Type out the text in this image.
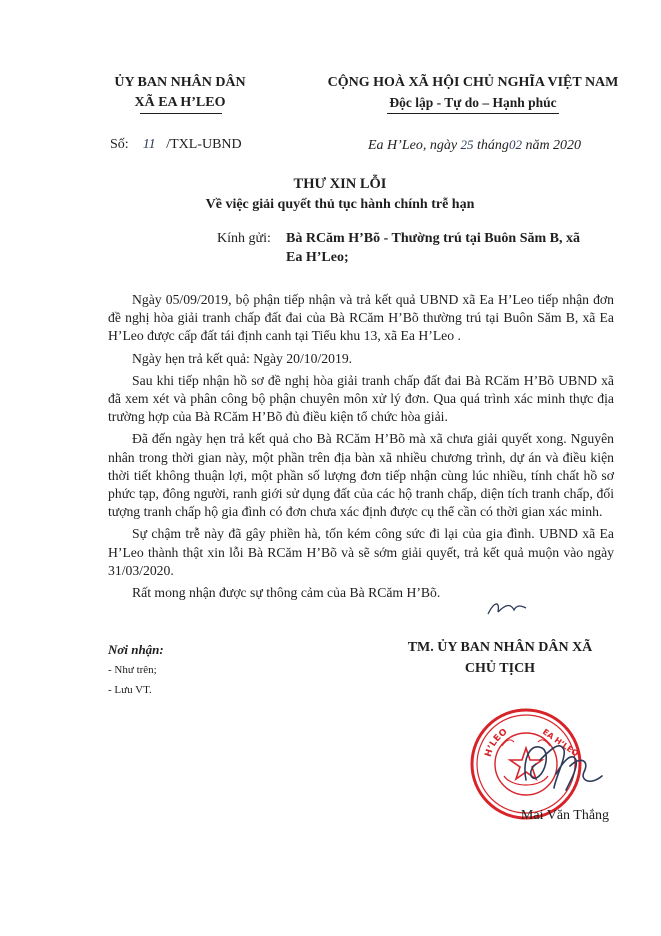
ỦY BAN NHÂN DÂN
XÃ EA H’LEO
CỘNG HOÀ XÃ HỘI CHỦ NGHĨA VIỆT NAM
Độc lập - Tự do – Hạnh phúc
Số: 11 /TXL-UBND	Ea H’Leo, ngày 25 tháng02 năm 2020
THƯ XIN LỖI
Về việc giải quyết thủ tục hành chính trễ hạn
Kính gửi: Bà RCăm H’Bõ - Thường trú tại Buôn Săm B, xã
Ea H’Leo;

Ngày 05/09/2019, bộ phận tiếp nhận và trả kết quả UBND xã Ea H’Leo tiếp nhận đơn đề nghị hòa giải tranh chấp đất đai của Bà RCăm H’Bõ thường trú tại Buôn Săm B, xã Ea H’Leo được cấp đất tái định canh tại Tiểu khu 13, xã Ea H’Leo .

Ngày hẹn trả kết quả: Ngày 20/10/2019.

Sau khi tiếp nhận hồ sơ đề nghị hòa giải tranh chấp đất đai Bà RCăm H’Bõ UBND xã đã xem xét và phân công bộ phận chuyên môn xử lý đơn. Qua quá trình xác minh thực địa trường hợp của Bà RCăm H’Bõ đủ điều kiện tổ chức hòa giải.

Đã đến ngày hẹn trả kết quả cho Bà RCăm H’Bõ mà xã chưa giải quyết xong. Nguyên nhân trong thời gian này, một phần trên địa bàn xã nhiều chương trình, dự án và điều kiện thời tiết không thuận lợi, một phần số lượng đơn tiếp nhận cùng lúc nhiều, tính chất hồ sơ phức tạp, đông người, ranh giới sử dụng đất của các hộ tranh chấp, diện tích tranh chấp, đối tượng tranh chấp hộ gia đình có đơn chưa xác định được cụ thể cần có thời gian xác minh.

Sự chậm trễ này đã gây phiền hà, tốn kém công sức đi lại của gia đình. UBND xã Ea H’Leo thành thật xin lỗi Bà RCăm H’Bõ và sẽ sớm giải quyết, trả kết quả muộn vào ngày 31/03/2020.

Rất mong nhận được sự thông cảm của Bà RCăm H’Bõ.

Nơi nhận:
- Như trên;
- Lưu VT.
TM. ỦY BAN NHÂN DÂN XÃ
CHỦ TỊCH
H’LEO	EA H’LEO
Mai Văn Thắng
